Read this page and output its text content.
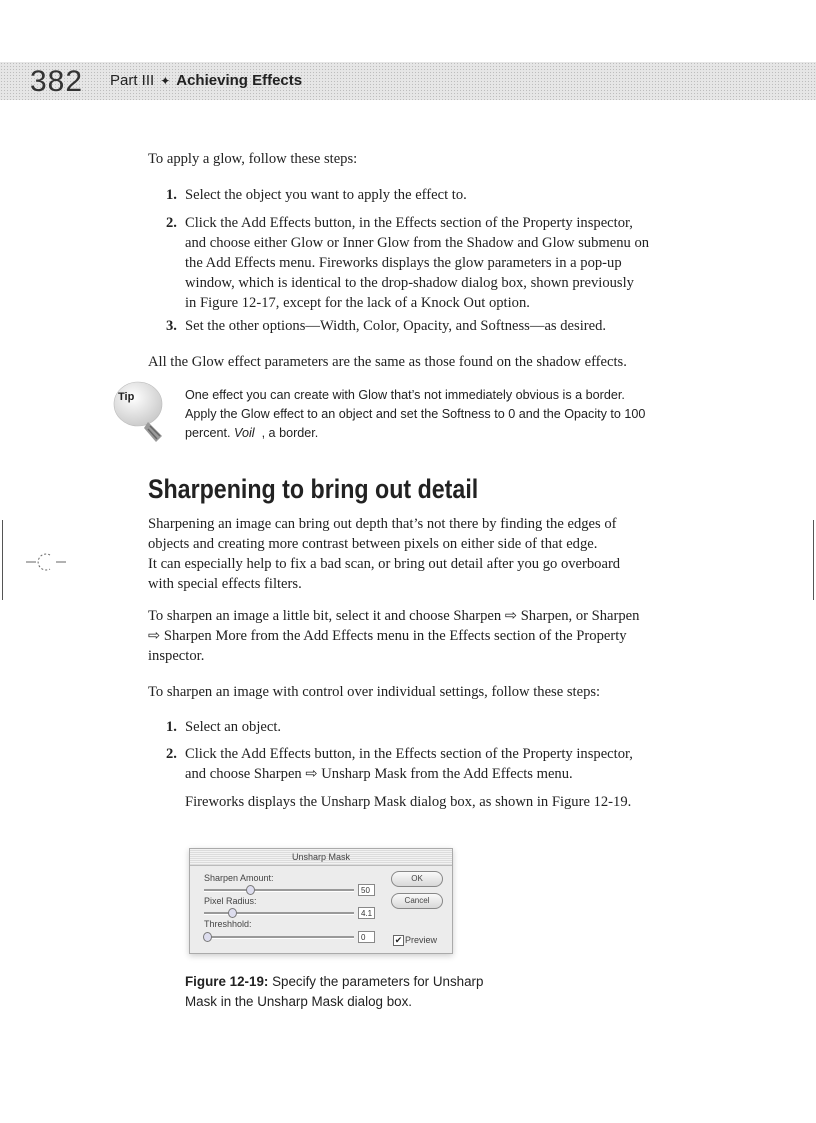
382 Part III ✦ Achieving Effects
To apply a glow, follow these steps:
1. Select the object you want to apply the effect to.
2. Click the Add Effects button, in the Effects section of the Property inspector,
and choose either Glow or Inner Glow from the Shadow and Glow submenu on
the Add Effects menu. Fireworks displays the glow parameters in a pop-up
window, which is identical to the drop-shadow dialog box, shown previously
in Figure 12-17, except for the lack of a Knock Out option.
3. Set the other options—Width, Color, Opacity, and Softness—as desired.
All the Glow effect parameters are the same as those found on the shadow effects.
Tip	One effect you can create with Glow that’s not immediately obvious is a border.
Apply the Glow effect to an object and set the Softness to 0 and the Opacity to 100
percent. Voil , a border.
Sharpening to bring out detail
Sharpening an image can bring out depth that’s not there by finding the edges of
objects and creating more contrast between pixels on either side of that edge.
It can especially help to fix a bad scan, or bring out detail after you go overboard
with special effects filters.
To sharpen an image a little bit, select it and choose Sharpen ⇨ Sharpen, or Sharpen
⇨ Sharpen More from the Add Effects menu in the Effects section of the Property
inspector.
To sharpen an image with control over individual settings, follow these steps:
1. Select an object.
2. Click the Add Effects button, in the Effects section of the Property inspector,
and choose Sharpen ⇨ Unsharp Mask from the Add Effects menu.
Fireworks displays the Unsharp Mask dialog box, as shown in Figure 12-19.
Unsharp Mask
Sharpen Amount:
50
Pixel Radius:
4.1
Threshhold:
0
OK
Cancel
✔ Preview
Figure 12-19: Specify the parameters for Unsharp
Mask in the Unsharp Mask dialog box.
